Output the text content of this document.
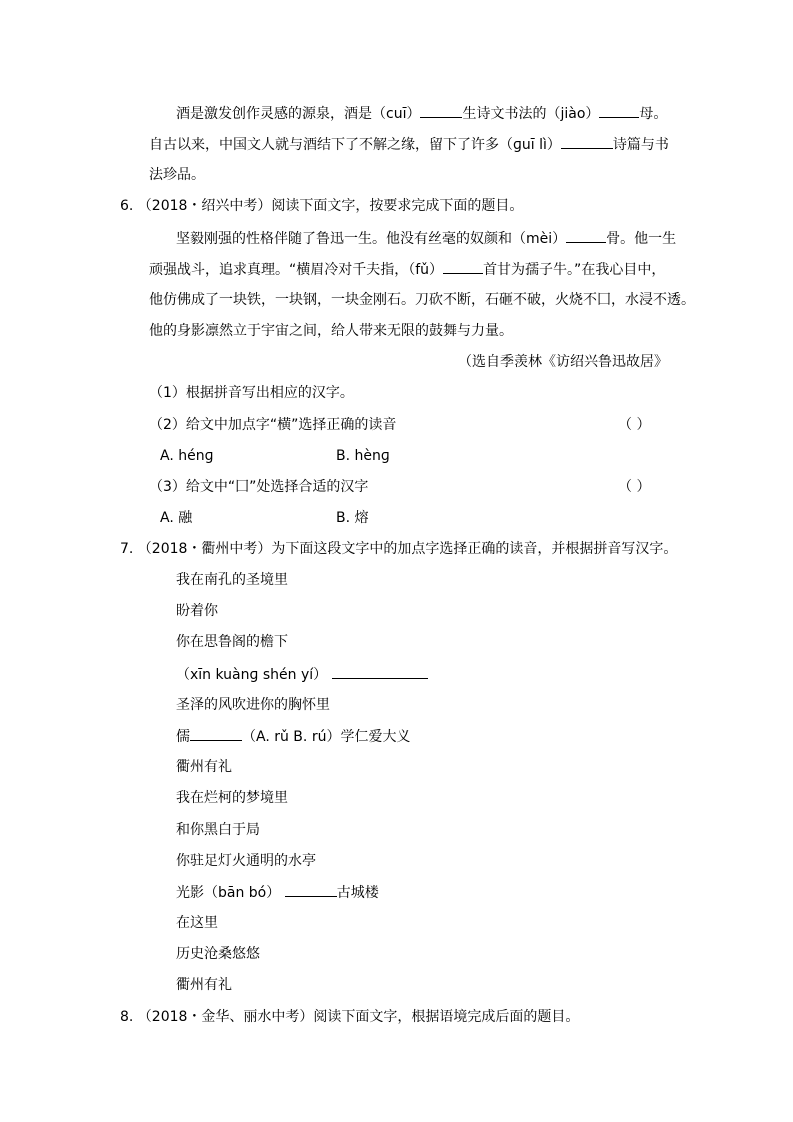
酒是激发创作灵感的源泉，酒是（cuī）	生诗文书法的（jiào）	母。
自古以来，中国文人就与酒结下了不解之缘，留下了许多（ɡuī lì）	诗篇与书
法珍品。
6. （2018・绍兴中考）阅读下面文字，按要求完成下面的题目。
坚毅刚强的性格伴随了鲁迅一生。他没有丝毫的奴颜和（mèi）	骨。他一生
顽强战斗，追求真理。“横眉冷对千夫指，（fǔ）	首甘为孺子牛。”在我心目中，
他仿佛成了一块铁，一块钢，一块金刚石。刀砍不断，石砸不破，火烧不囗，水浸不透。
他的身影凛然立于宇宙之间，给人带来无限的鼓舞与力量。
（选自季羡林《访绍兴鲁迅故居》
（1）根据拼音写出相应的汉字。
（2）给文中加点字“横”选择正确的读音	（ ）
A. hénɡ	B. hènɡ
（3）给文中“囗”处选择合适的汉字	（ ）
A. 融	B. 熔
7. （2018・衢州中考）为下面这段文字中的加点字选择正确的读音，并根据拼音写汉字。
我在南孔的圣境里
盼着你
你在思鲁阁的檐下
（xīn kuànɡ shén yí）
圣泽的风吹进你的胸怀里
儒	（A. rǔ B. rú）学仁爱大义
衢州有礼
我在烂柯的梦境里
和你黑白于局
你驻足灯火通明的水亭
光影（bān bó）	古城楼
在这里
历史沧桑悠悠
衢州有礼
8. （2018・金华、丽水中考）阅读下面文字，根据语境完成后面的题目。
